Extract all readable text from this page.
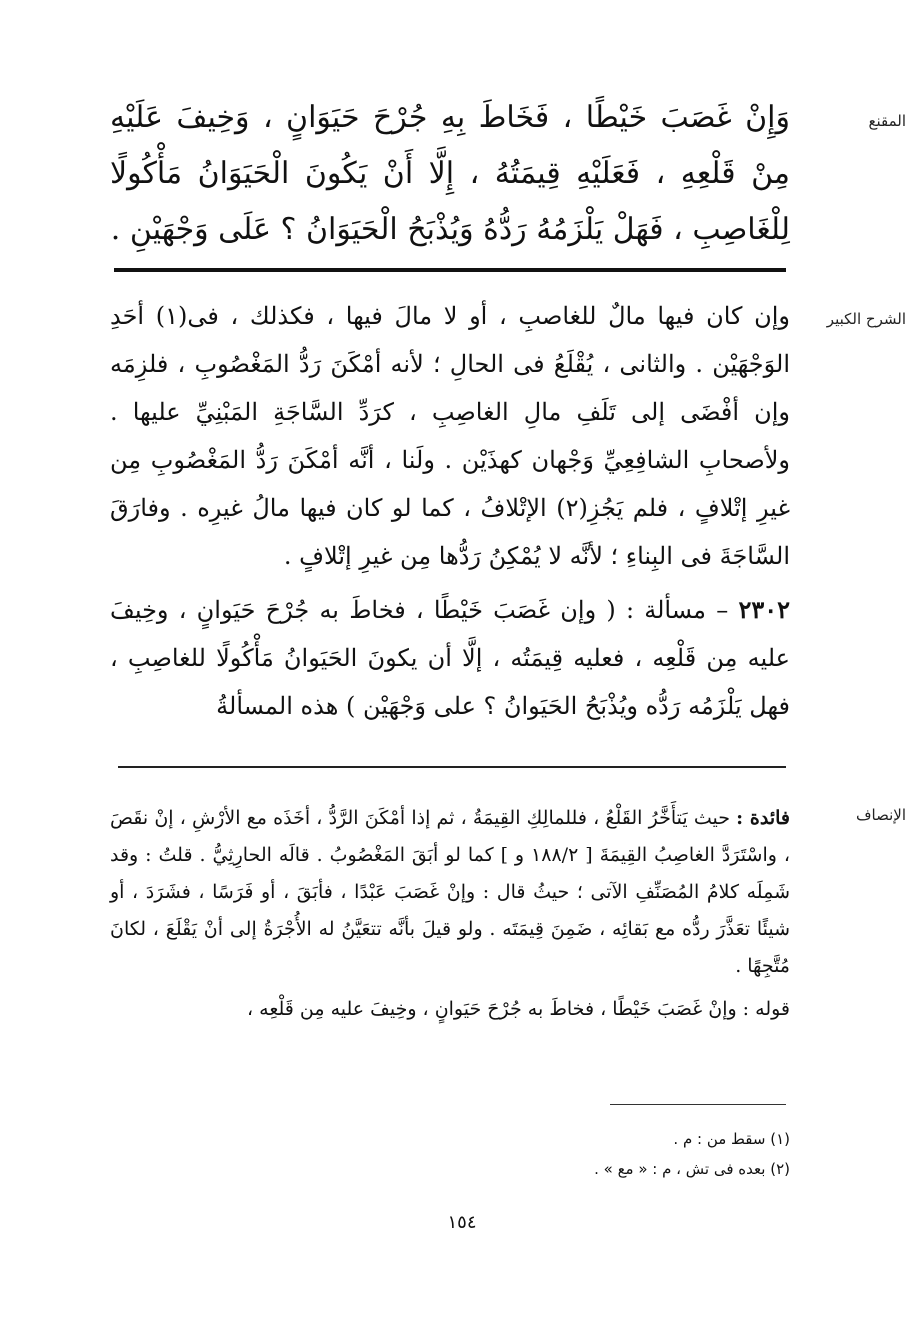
المقنع

وَإِنْ غَصَبَ خَيْطًا ، فَخَاطَ بِهِ جُرْحَ حَيَوَانٍ ، وَخِيفَ عَلَيْهِ مِنْ قَلْعِهِ ، فَعَلَيْهِ قِيمَتُهُ ، إِلَّا أَنْ يَكُونَ الْحَيَوَانُ مَأْكُولًا لِلْغَاصِبِ ، فَهَلْ يَلْزَمُهُ رَدُّهُ وَيُذْبَحُ الْحَيَوَانُ ؟ عَلَى وَجْهَيْنِ .

الشرح الكبير

وإن كان فيها مالٌ للغاصبِ ، أو لا مالَ فيها ، فكذلك ، فى(١) أحَدِ الوَجْهَيْن . والثانى ، يُقْلَعُ فى الحالِ ؛ لأنه أمْكَنَ رَدُّ المَغْصُوبِ ، فلزِمَه وإن أفْضَى إلى تَلَفِ مالِ الغاصِبِ ، كرَدِّ السَّاجَةِ المَبْنِيِّ عليها . ولأصحابِ الشافِعِيِّ وَجْهان كهذَيْن . ولَنا ، أنَّه أمْكَنَ رَدُّ المَغْصُوبِ مِن غيرِ إتْلافٍ ، فلم يَجُزِ(٢) الإتْلافُ ، كما لو كان فيها مالُ غيرِه . وفارَقَ السَّاجَةَ فى البِناءِ ؛ لأنَّه لا يُمْكِنُ رَدُّها مِن غيرِ إتْلافٍ .

٢٣٠٢ – مسألة : ( وإن غَصَبَ خَيْطًا ، فخاطَ به جُرْحَ حَيَوانٍ ، وخِيفَ عليه مِن قَلْعِه ، فعليه قِيمَتُه ، إلَّا أن يكونَ الحَيَوانُ مَأْكُولًا للغاصِبِ ، فهل يَلْزَمُه رَدُّه ويُذْبَحُ الحَيَوانُ ؟ على وَجْهَيْن ) هذه المسألةُ

الإنصاف

فائدة : حيث يَتأَخَّرُ القَلْعُ ، فللمالِكِ القِيمَةُ ، ثم إذا أمْكَنَ الرَّدُّ ، أخَذَه مع الأرْشِ ، إنْ نقَصَ ، واسْتَرَدَّ الغاصِبُ القِيمَةَ [ ١٨٨/٢ و ] كما لو أبَقَ المَغْصُوبُ . قالَه الحارِثِيُّ . قلتُ : وقد شَمِلَه كلامُ المُصَنِّفِ الآتى ؛ حيثُ قال : وإنْ غَصَبَ عَبْدًا ، فأبَقَ ، أو فَرَسًا ، فشَرَدَ ، أو شيئًا تعَذَّرَ ردُّه مع بَقائِه ، ضَمِنَ قِيمَتَه . ولو قيلَ بأنَّه تتعَيَّنُ له الأُجْرَةُ إلى أنْ يَقْلَعَ ، لكانَ مُتَّجِهًا .

قوله : وإنْ غَصَبَ خَيْطًا ، فخاطَ به جُرْحَ حَيَوانٍ ، وخِيفَ عليه مِن قَلْعِه ،

(١) سقط من : م .

(٢) بعده فى تش ، م : « مع » .

١٥٤
